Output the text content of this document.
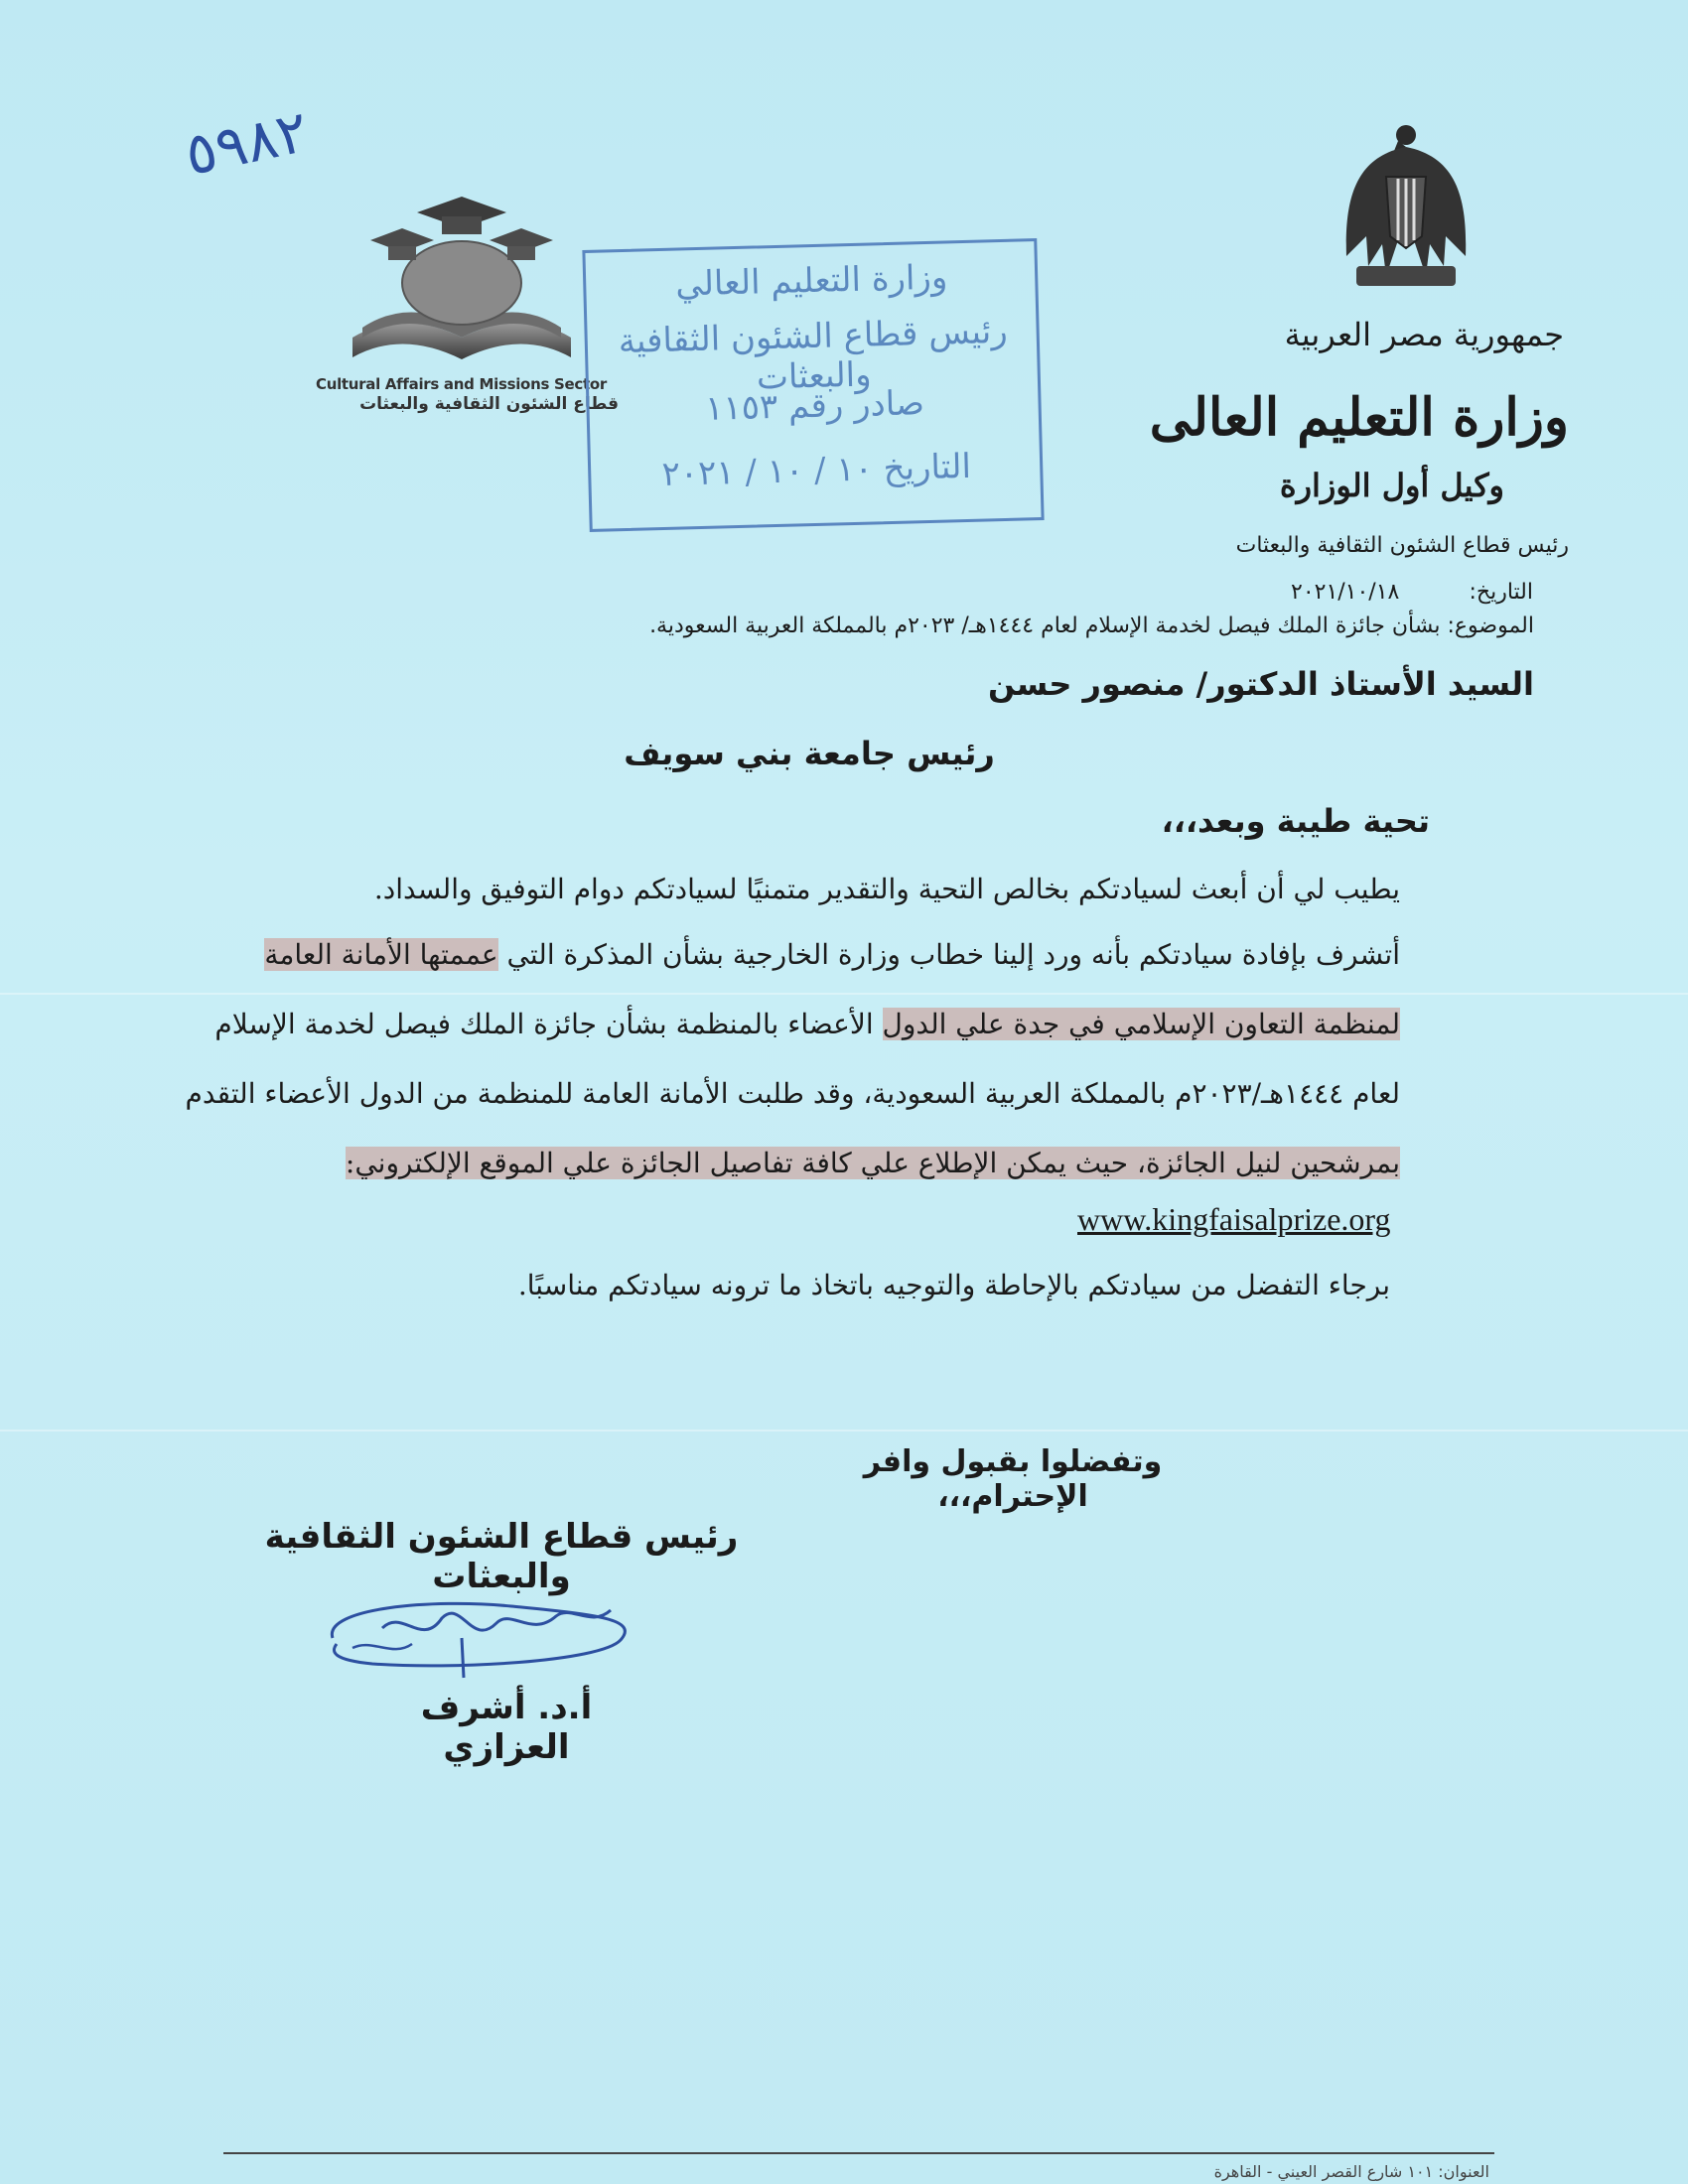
٥٩٨٢
Cultural Affairs and Missions Sector
قطاع الشئون الثقافية والبعثات
وزارة التعليم العالي
رئيس قطاع الشئون الثقافية والبعثات
صادر رقم ١١٥٣
التاريخ ١٠ / ١٠ / ٢٠٢١
جمهورية مصر العربية
وزارة التعليم العالى
وكيل أول الوزارة
رئيس قطاع الشئون الثقافية والبعثات
التاريخ:
٢٠٢١/١٠/١٨
الموضوع: بشأن جائزة الملك فيصل لخدمة الإسلام لعام ١٤٤٤هـ/ ٢٠٢٣م بالمملكة العربية السعودية.
السيد الأستاذ الدكتور/ منصور حسن
رئيس جامعة بني سويف
تحية طيبة وبعد،،،
يطيب لي أن أبعث لسيادتكم بخالص التحية والتقدير متمنيًا لسيادتكم دوام التوفيق والسداد.
أتشرف بإفادة سيادتكم بأنه ورد إلينا خطاب وزارة الخارجية بشأن المذكرة التي عممتها الأمانة العامة
لمنظمة التعاون الإسلامي في جدة علي الدول الأعضاء بالمنظمة بشأن جائزة الملك فيصل لخدمة الإسلام
لعام ١٤٤٤هـ/٢٠٢٣م بالمملكة العربية السعودية، وقد طلبت الأمانة العامة للمنظمة من الدول الأعضاء التقدم
بمرشحين لنيل الجائزة، حيث يمكن الإطلاع علي كافة تفاصيل الجائزة علي الموقع الإلكتروني:
www.kingfaisalprize.org
برجاء التفضل من سيادتكم بالإحاطة والتوجيه باتخاذ ما ترونه سيادتكم مناسبًا.
وتفضلوا بقبول وافر الإحترام،،،
رئيس قطاع الشئون الثقافية والبعثات
أ.د. أشرف العزازي
العنوان: ١٠١ شارع القصر العيني - القاهرة
